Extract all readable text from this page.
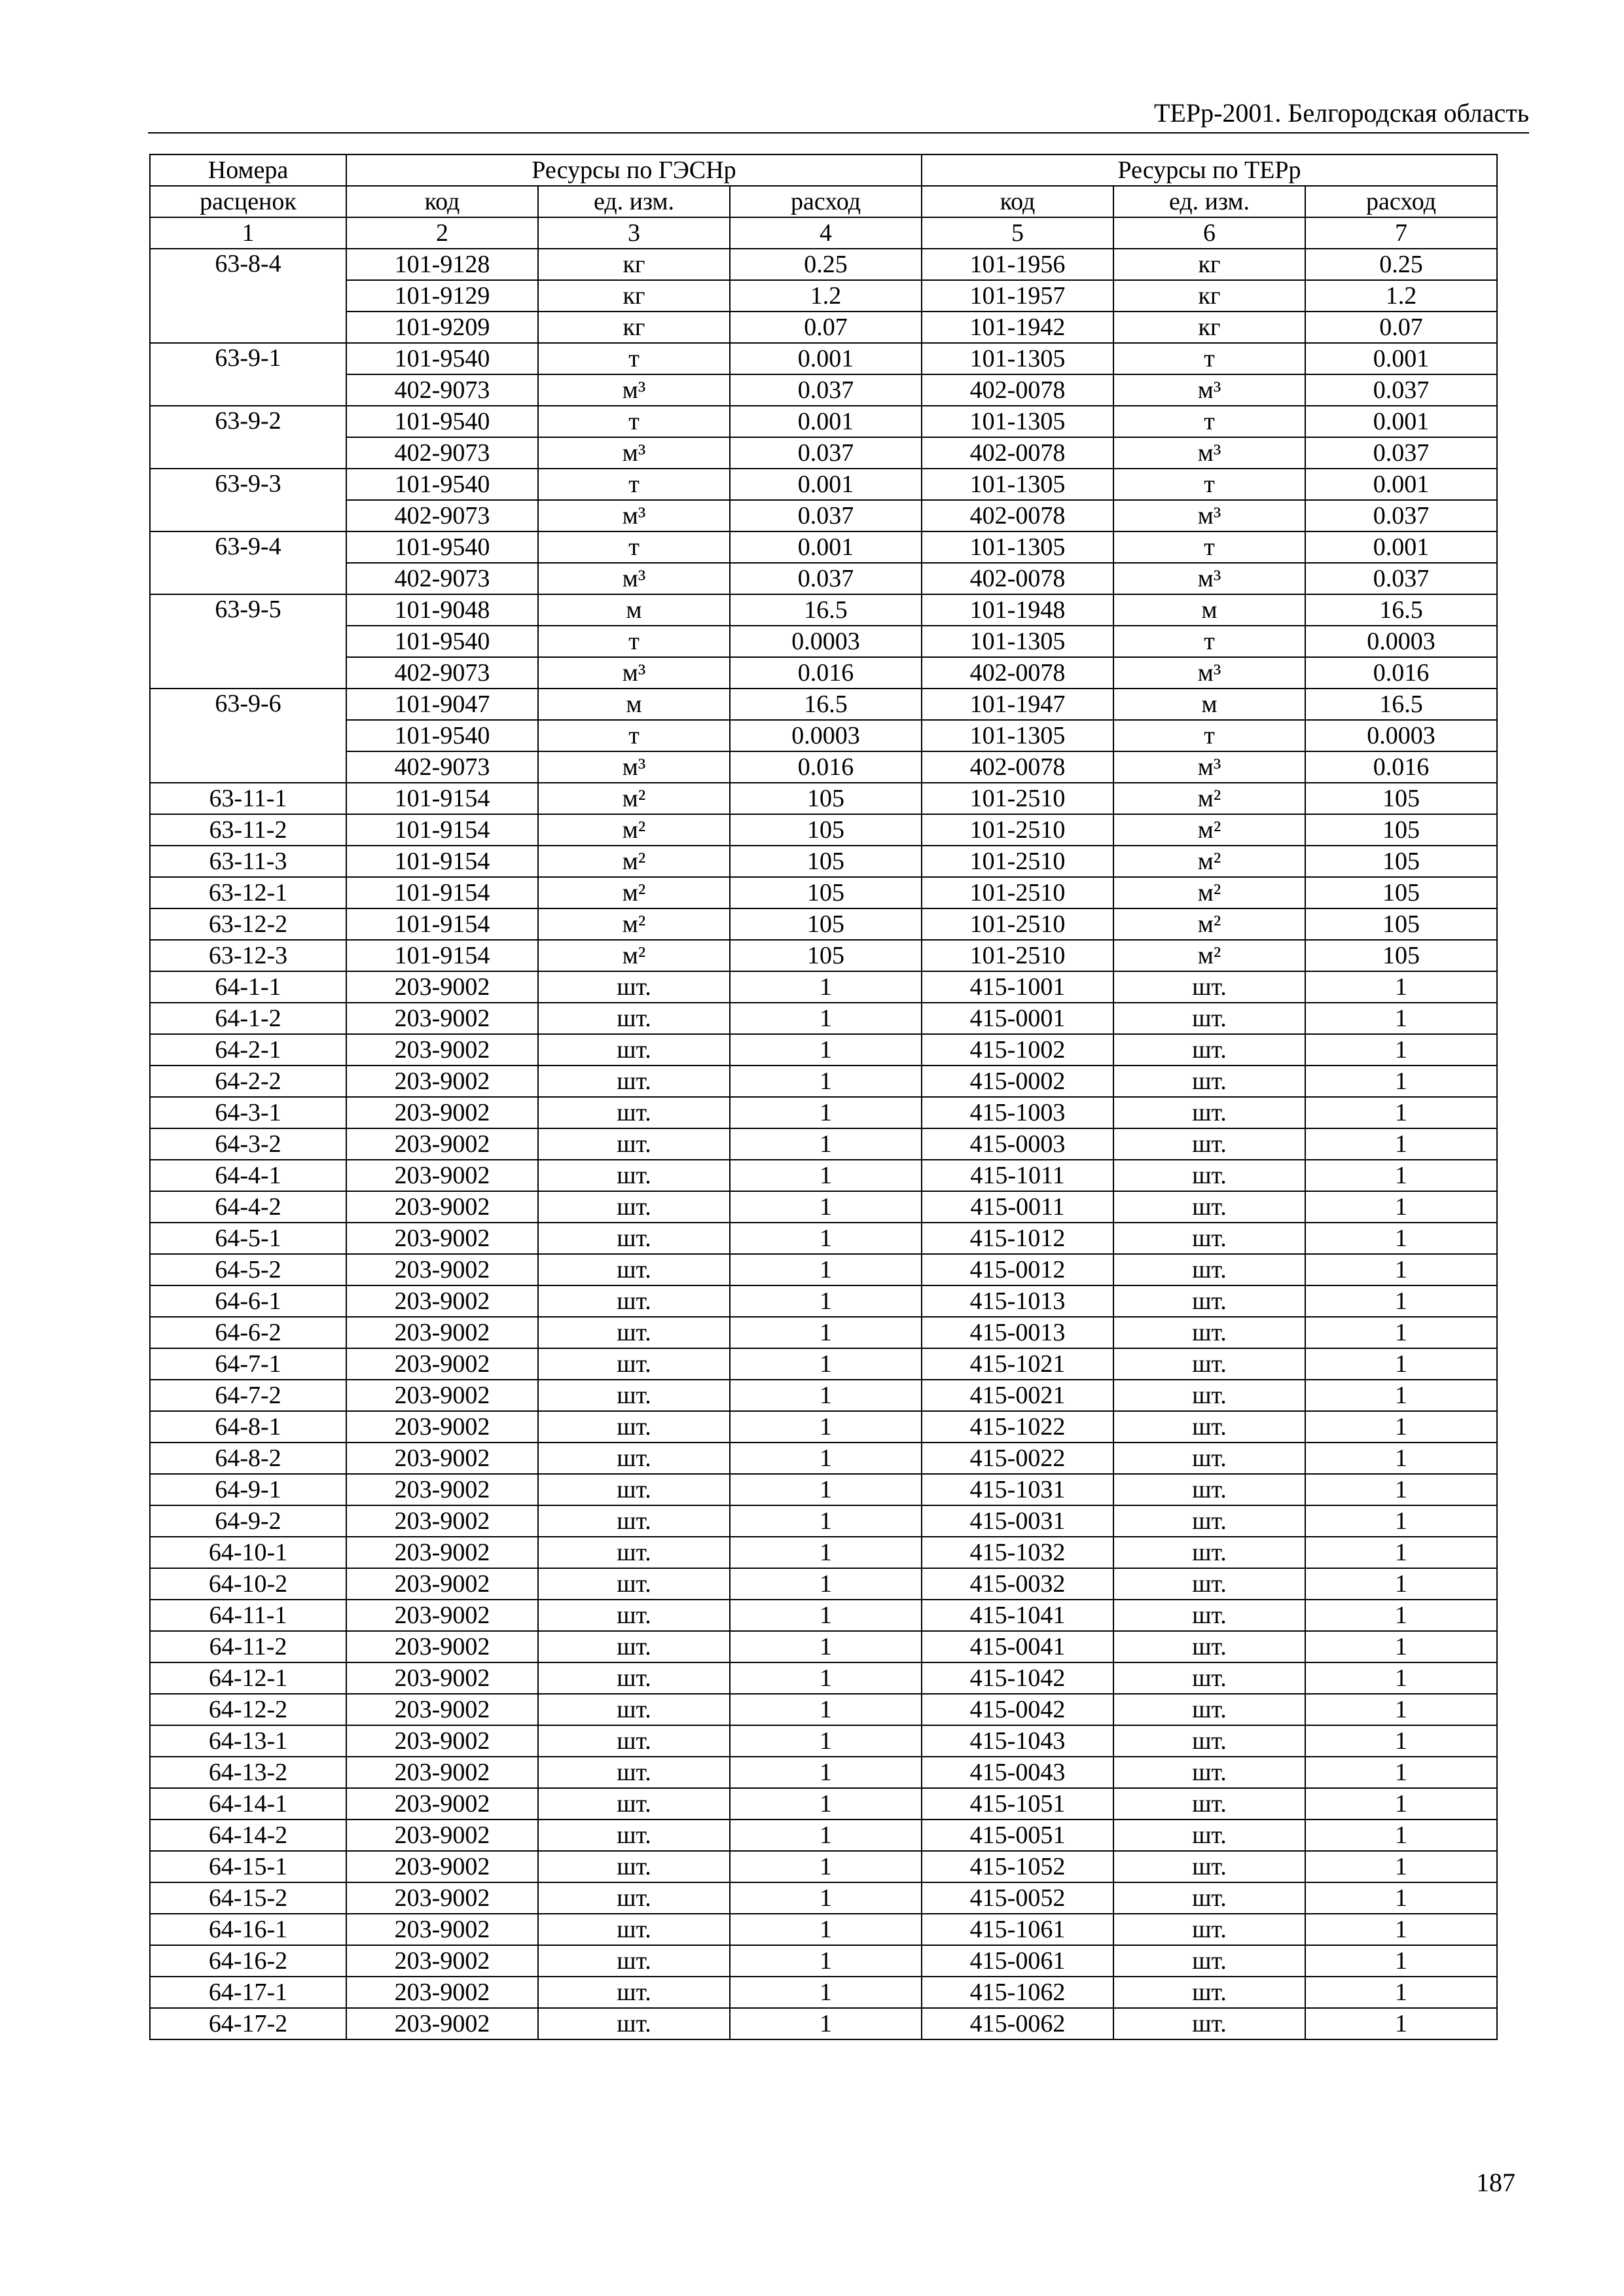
ТЕРр-2001. Белгородская область
Номера	Ресурсы по ГЭСНр			Ресурсы по ТЕРр		
расценок	код	ед. изм.	расход	код	ед. изм.	расход
1	2	3	4	5	6	7
63-8-4	101-9128	кг	0.25	101-1956	кг	0.25
	101-9129	кг	1.2	101-1957	кг	1.2
	101-9209	кг	0.07	101-1942	кг	0.07
63-9-1	101-9540	т	0.001	101-1305	т	0.001
	402-9073	м³	0.037	402-0078	м³	0.037
63-9-2	101-9540	т	0.001	101-1305	т	0.001
	402-9073	м³	0.037	402-0078	м³	0.037
63-9-3	101-9540	т	0.001	101-1305	т	0.001
	402-9073	м³	0.037	402-0078	м³	0.037
63-9-4	101-9540	т	0.001	101-1305	т	0.001
	402-9073	м³	0.037	402-0078	м³	0.037
63-9-5	101-9048	м	16.5	101-1948	м	16.5
	101-9540	т	0.0003	101-1305	т	0.0003
	402-9073	м³	0.016	402-0078	м³	0.016
63-9-6	101-9047	м	16.5	101-1947	м	16.5
	101-9540	т	0.0003	101-1305	т	0.0003
	402-9073	м³	0.016	402-0078	м³	0.016
63-11-1	101-9154	м²	105	101-2510	м²	105
63-11-2	101-9154	м²	105	101-2510	м²	105
63-11-3	101-9154	м²	105	101-2510	м²	105
63-12-1	101-9154	м²	105	101-2510	м²	105
63-12-2	101-9154	м²	105	101-2510	м²	105
63-12-3	101-9154	м²	105	101-2510	м²	105
64-1-1	203-9002	шт.	1	415-1001	шт.	1
64-1-2	203-9002	шт.	1	415-0001	шт.	1
64-2-1	203-9002	шт.	1	415-1002	шт.	1
64-2-2	203-9002	шт.	1	415-0002	шт.	1
64-3-1	203-9002	шт.	1	415-1003	шт.	1
64-3-2	203-9002	шт.	1	415-0003	шт.	1
64-4-1	203-9002	шт.	1	415-1011	шт.	1
64-4-2	203-9002	шт.	1	415-0011	шт.	1
64-5-1	203-9002	шт.	1	415-1012	шт.	1
64-5-2	203-9002	шт.	1	415-0012	шт.	1
64-6-1	203-9002	шт.	1	415-1013	шт.	1
64-6-2	203-9002	шт.	1	415-0013	шт.	1
64-7-1	203-9002	шт.	1	415-1021	шт.	1
64-7-2	203-9002	шт.	1	415-0021	шт.	1
64-8-1	203-9002	шт.	1	415-1022	шт.	1
64-8-2	203-9002	шт.	1	415-0022	шт.	1
64-9-1	203-9002	шт.	1	415-1031	шт.	1
64-9-2	203-9002	шт.	1	415-0031	шт.	1
64-10-1	203-9002	шт.	1	415-1032	шт.	1
64-10-2	203-9002	шт.	1	415-0032	шт.	1
64-11-1	203-9002	шт.	1	415-1041	шт.	1
64-11-2	203-9002	шт.	1	415-0041	шт.	1
64-12-1	203-9002	шт.	1	415-1042	шт.	1
64-12-2	203-9002	шт.	1	415-0042	шт.	1
64-13-1	203-9002	шт.	1	415-1043	шт.	1
64-13-2	203-9002	шт.	1	415-0043	шт.	1
64-14-1	203-9002	шт.	1	415-1051	шт.	1
64-14-2	203-9002	шт.	1	415-0051	шт.	1
64-15-1	203-9002	шт.	1	415-1052	шт.	1
64-15-2	203-9002	шт.	1	415-0052	шт.	1
64-16-1	203-9002	шт.	1	415-1061	шт.	1
64-16-2	203-9002	шт.	1	415-0061	шт.	1
64-17-1	203-9002	шт.	1	415-1062	шт.	1
64-17-2	203-9002	шт.	1	415-0062	шт.	1
187
